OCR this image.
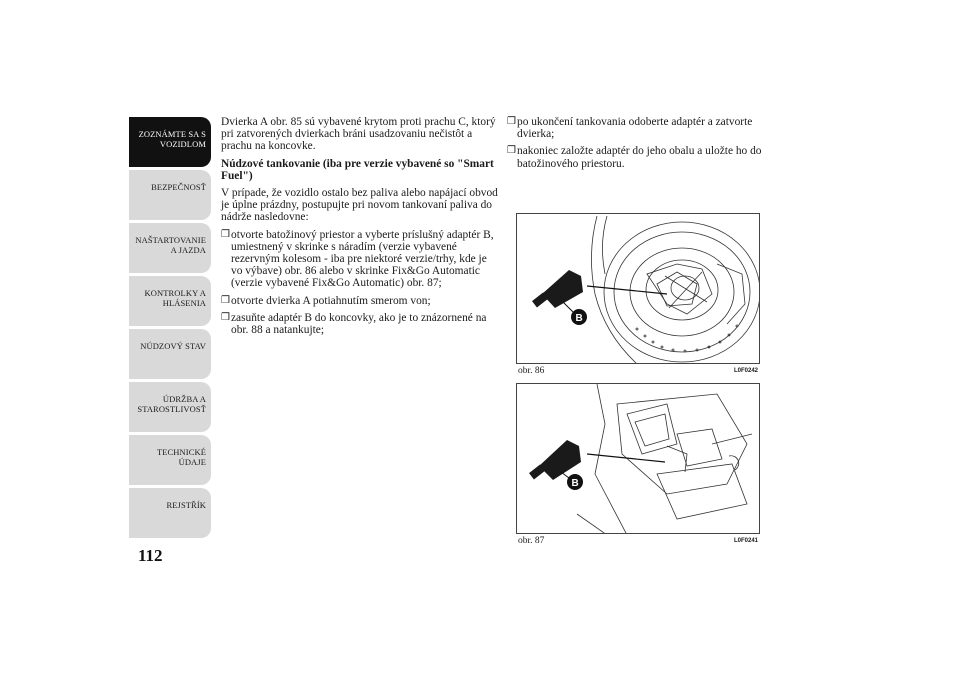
ZOZNÁMTE SA S
VOZIDLOM
BEZPEČNOSŤ
NAŠTARTOVANIE
A JAZDA
KONTROLKY A
HLÁSENIA
NÚDZOVÝ STAV
ÚDRŽBA A
STAROSTLIVOSŤ
TECHNICKÉ
ÚDAJE
REJSTŘÍK
112

Dvierka A obr. 85 sú vybavené krytom proti prachu C, ktorý pri zatvorených dvierkach bráni usadzovaniu nečistôt a prachu na koncovke.

Núdzové tankovanie (iba pre verzie vybavené so "Smart Fuel")

V prípade, že vozidlo ostalo bez paliva alebo napájací obvod je úplne prázdny, postupujte pri novom tankovaní paliva do nádrže nasledovne:

❒ otvorte batožinový priestor a vyberte príslušný adaptér B, umiestnený v skrinke s náradím (verzie vybavené rezervným kolesom - iba pre niektoré verzie/trhy, kde je vo výbave) obr. 86 alebo v skrinke Fix&Go Automatic (verzie vybavené Fix&Go Automatic) obr. 87;
❒ otvorte dvierka A potiahnutím smerom von;
❒ zasuňte adaptér B do koncovky, ako je to znázornené na obr. 88 a natankujte;
❒ po ukončení tankovania odoberte adaptér a zatvorte dvierka;
❒ nakoniec založte adaptér do jeho obalu a uložte ho do batožinového priestoru.
B
obr. 86	L0F0242
B
obr. 87	L0F0241
